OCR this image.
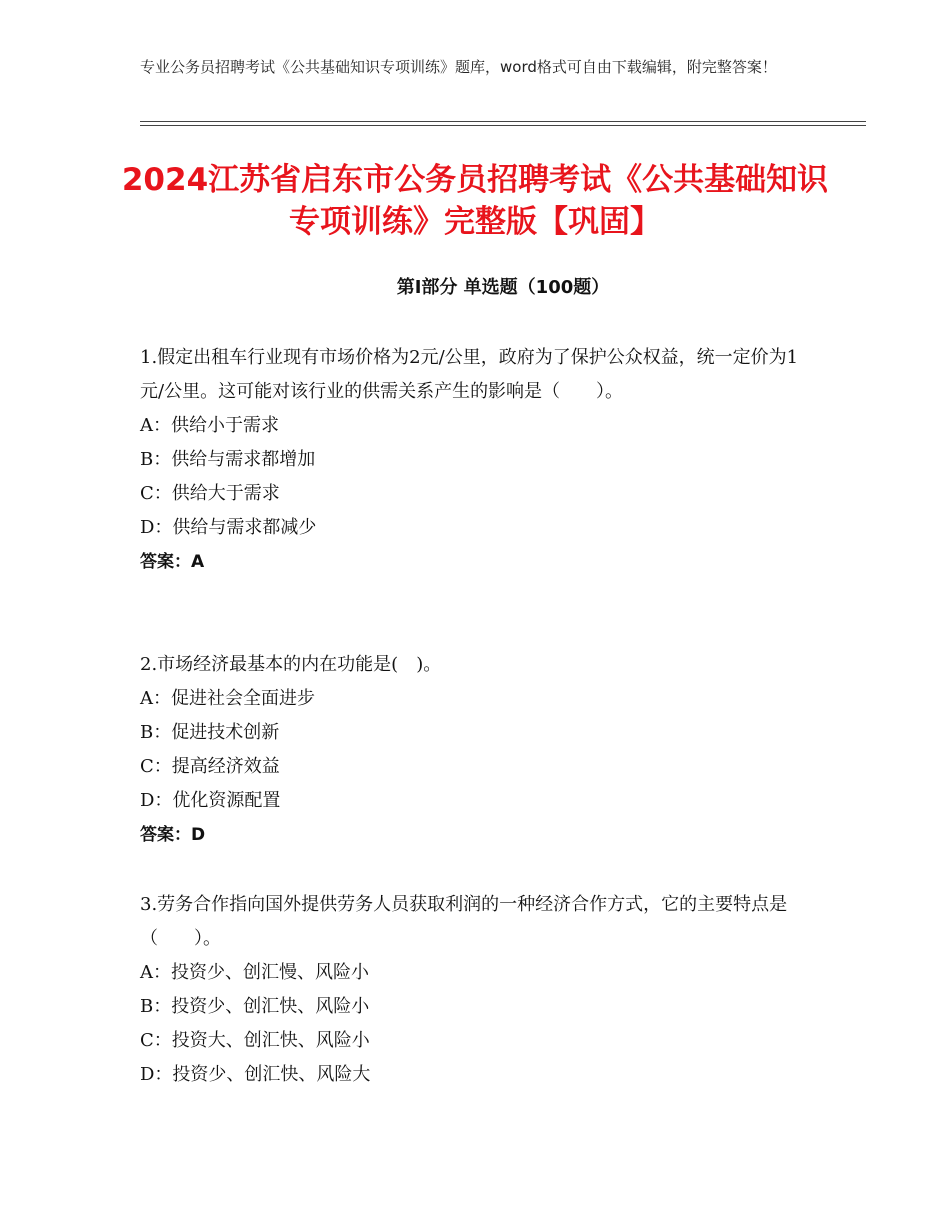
专业公务员招聘考试《公共基础知识专项训练》题库，word格式可自由下载编辑，附完整答案！
2024江苏省启东市公务员招聘考试《公共基础知识专项训练》完整版【巩固】
第Ⅰ部分 单选题（100题）

1.假定出租车行业现有市场价格为2元/公里，政府为了保护公众权益，统一定价为1元/公里。这可能对该行业的供需关系产生的影响是（　　）。

A：供给小于需求

B：供给与需求都增加

C：供给大于需求

D：供给与需求都减少

答案：A

2.市场经济最基本的内在功能是(　)。

A：促进社会全面进步

B：促进技术创新

C：提高经济效益

D：优化资源配置

答案：D

3.劳务合作指向国外提供劳务人员获取利润的一种经济合作方式，它的主要特点是（　　）。

A：投资少、创汇慢、风险小

B：投资少、创汇快、风险小

C：投资大、创汇快、风险小

D：投资少、创汇快、风险大
